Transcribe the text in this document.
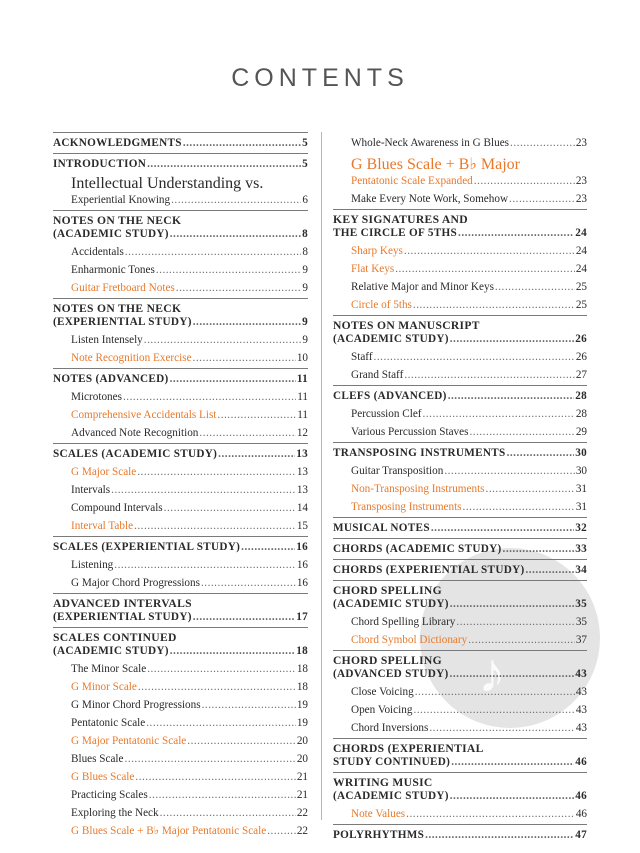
CONTENTS
♪
ACKNOWLEDGMENTS .....	5
INTRODUCTION .....	5
Intellectual Understanding vs.
Experiential Knowing .....	6
NOTES ON THE NECK
(ACADEMIC STUDY) .....	8
Accidentals .....	8
Enharmonic Tones .....	9
Guitar Fretboard Notes .....	9
NOTES ON THE NECK
(EXPERIENTIAL STUDY) .....	9
Listen Intensely .....	9
Note Recognition Exercise .....	10
NOTES (ADVANCED) .....	11
Microtones .....	11
Comprehensive Accidentals List .....	11
Advanced Note Recognition .....	12
SCALES (ACADEMIC STUDY) .....	13
G Major Scale .....	13
Intervals .....	13
Compound Intervals .....	14
Interval Table .....	15
SCALES (EXPERIENTIAL STUDY) .....	16
Listening .....	16
G Major Chord Progressions .....	16
ADVANCED INTERVALS
(EXPERIENTIAL STUDY) .....	17
SCALES CONTINUED
(ACADEMIC STUDY) .....	18
The Minor Scale .....	18
G Minor Scale .....	18
G Minor Chord Progressions .....	19
Pentatonic Scale .....	19
G Major Pentatonic Scale .....	20
Blues Scale .....	20
G Blues Scale .....	21
Practicing Scales .....	21
Exploring the Neck .....	22
G Blues Scale + B♭ Major Pentatonic Scale .....	22
Whole-Neck Awareness in G Blues .....	23
G Blues Scale + B♭ Major
Pentatonic Scale Expanded .....	23
Make Every Note Work, Somehow .....	23
KEY SIGNATURES AND
THE CIRCLE OF 5THS .....	24
Sharp Keys .....	24
Flat Keys .....	24
Relative Major and Minor Keys .....	25
Circle of 5ths .....	25
NOTES ON MANUSCRIPT
(ACADEMIC STUDY) .....	26
Staff .....	26
Grand Staff .....	27
CLEFS (ADVANCED) .....	28
Percussion Clef .....	28
Various Percussion Staves .....	29
TRANSPOSING INSTRUMENTS .....	30
Guitar Transposition .....	30
Non-Transposing Instruments .....	31
Transposing Instruments .....	31
MUSICAL NOTES .....	32
CHORDS (ACADEMIC STUDY) .....	33
CHORDS (EXPERIENTIAL STUDY) .....	34
CHORD SPELLING
(ACADEMIC STUDY) .....	35
Chord Spelling Library .....	35
Chord Symbol Dictionary .....	37
CHORD SPELLING
(ADVANCED STUDY) .....	43
Close Voicing .....	43
Open Voicing .....	43
Chord Inversions .....	43
CHORDS (EXPERIENTIAL
STUDY CONTINUED) .....	46
WRITING MUSIC
(ACADEMIC STUDY) .....	46
Note Values .....	46
POLYRHYTHMS .....	47
